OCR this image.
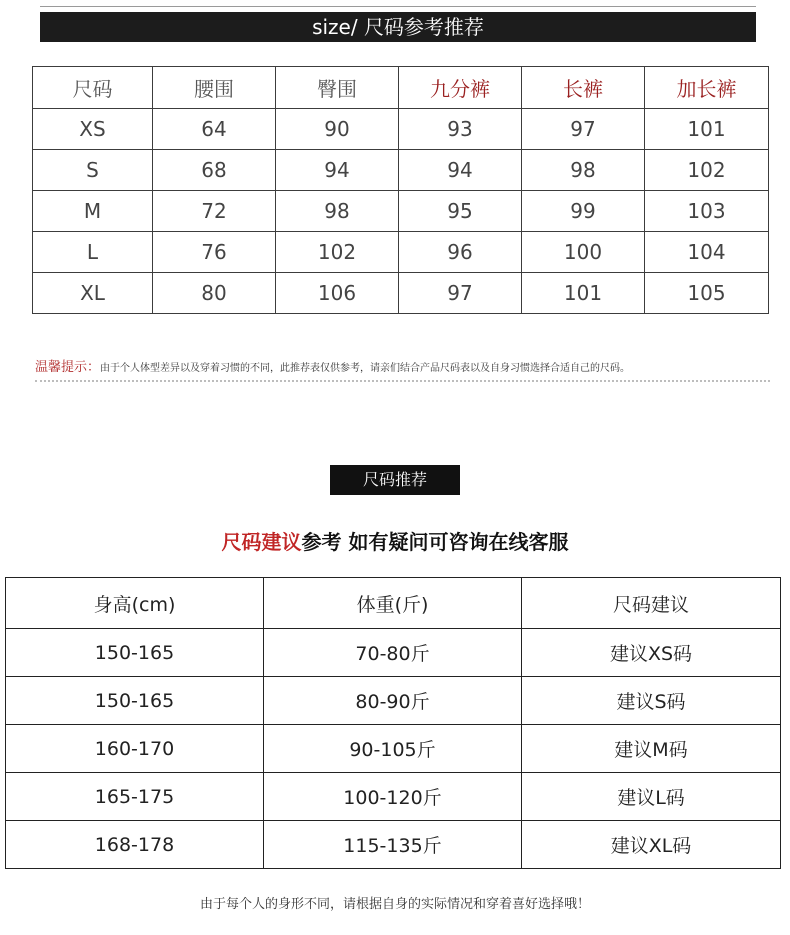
size/ 尺码参考推荐
尺码	腰围	臀围	九分裤	长裤	加长裤
XS	64	90	93	97	101
S	68	94	94	98	102
M	72	98	95	99	103
L	76	102	96	100	104
XL	80	106	97	101	105
温馨提示：由于个人体型差异以及穿着习惯的不同，此推荐表仅供参考，请亲们结合产品尺码表以及自身习惯选择合适自己的尺码。
尺码推荐
尺码建议参考 如有疑问可咨询在线客服
身高(cm)	体重(斤)	尺码建议
150-165	70-80斤	建议XS码
150-165	80-90斤	建议S码
160-170	90-105斤	建议M码
165-175	100-120斤	建议L码
168-178	115-135斤	建议XL码
由于每个人的身形不同，请根据自身的实际情况和穿着喜好选择哦！
